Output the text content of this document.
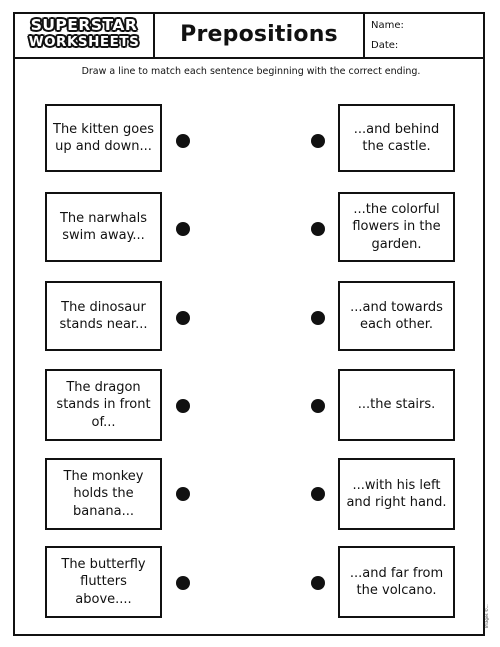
SUPERSTAR
WORKSHEETS	Prepositions	Name:
Date:
Draw a line to match each sentence beginning with the correct ending.
The kitten goes up and down...
...and behind the castle.
The narwhals swim away...
...the colorful flowers in the garden.
The dinosaur stands near...
...and towards each other.
The dragon stands in front of...
...the stairs.
The monkey holds the banana...
...with his left and right hand.
The butterfly flutters above....
...and far from the volcano.
Images ©...
